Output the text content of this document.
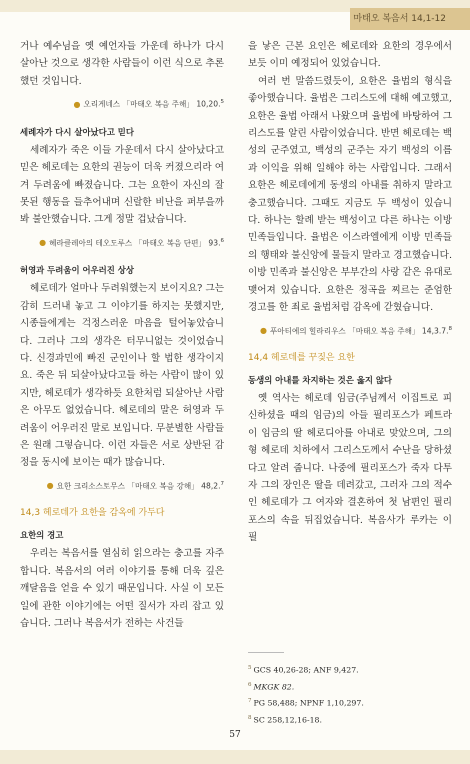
마태오 복음서 14,1-12

거나 예수님을 옛 예언자들 가운데 하나가 다시 살아난 것으로 생각한 사람들이 이런 식으로 추론했던 것입니다.

● 오리게네스 「마태오 복음 주해」 10,20.$^5$
세례자가 다시 살아났다고 믿다

세례자가 죽은 이들 가운데서 다시 살아났다고 믿은 헤로데는 요한의 권능이 더욱 커졌으리라 여겨 두려움에 빠졌습니다. 그는 요한이 자신의 잘못된 행동을 들추어내며 신랄한 비난을 퍼부을까 봐 불안했습니다. 그게 정말 겁났습니다.

● 헤라클레아의 테오도루스 「마태오 복음 단편」 93.$^6$
허영과 두려움이 어우러진 상상

헤로데가 얼마나 두려워했는지 보이지요? 그는 감히 드러내 놓고 그 이야기를 하지는 못했지만, 시종들에게는 걱정스러운 마음을 털어놓았습니다. 그러나 그의 생각은 터무니없는 것이었습니다. 신경과민에 빠진 군인이나 할 법한 생각이지요. 죽은 뒤 되살아났다고들 하는 사람이 많이 있지만, 헤로데가 생각하듯 요한처럼 되살아난 사람은 아무도 없었습니다. 헤로데의 말은 허영과 두려움이 어우러진 말로 보입니다. 무분별한 사람들은 원래 그렇습니다. 이런 자들은 서로 상반된 감정을 동시에 보이는 때가 많습니다.

● 요한 크리소스토무스 「마태오 복음 강해」 48,2.$^7$
14,3 헤로데가 요한을 감옥에 가두다
요한의 경고

우리는 복음서를 열심히 읽으라는 충고를 자주 합니다. 복음서의 여러 이야기를 통해 더욱 깊은 깨달음을 얻을 수 있기 때문입니다. 사실 이 모든 일에 관한 이야기에는 어떤 질서가 자리 잡고 있습니다. 그러나 복음서가 전하는 사건들

을 낳은 근본 요인은 헤로데와 요한의 경우에서 보듯 이미 예정되어 있었습니다.

여러 번 말씀드렸듯이, 요한은 율법의 형식을 좋아했습니다. 율법은 그리스도에 대해 예고했고, 요한은 율법 아래서 나왔으며 율법에 바탕하여 그리스도를 알린 사람이었습니다. 반면 헤로데는 백성의 군주였고, 백성의 군주는 자기 백성의 이름과 이익을 위해 일해야 하는 사람입니다. 그래서 요한은 헤로데에게 동생의 아내를 취하지 말라고 충고했습니다. 그때도 지금도 두 백성이 있습니다. 하나는 할례 받는 백성이고 다른 하나는 이방 민족들입니다. 율법은 이스라엘에게 이방 민족들의 행태와 불신앙에 물들지 말라고 경고했습니다. 이방 민족과 불신앙은 부부간의 사랑 같은 유대로 맺어져 있습니다. 요한은 정곡을 찌르는 준엄한 경고를 한 죄로 율법처럼 감옥에 갇혔습니다.

● 푸아티에의 힐라리우스 「마태오 복음 주해」 14,3.7.$^8$
14,4 헤로데를 꾸짖은 요한
동생의 아내를 차지하는 것은 옳지 않다

옛 역사는 헤로데 임금(주님께서 이집트로 피신하셨을 때의 임금)의 아들 필리포스가 페트라이 임금의 딸 헤로디아를 아내로 맞았으며, 그의 형 헤로데 치하에서 그리스도께서 수난을 당하셨다고 알려 줍니다. 나중에 필리포스가 죽자 다투자 그의 장인은 딸을 데려갔고, 그러자 그의 적수인 헤로데가 그 여자와 결혼하여 첫 남편인 필리포스의 속을 뒤집었습니다. 복음사가 루카는 이 필

$^5$ GCS 40,26-28; ANF 9,427.
$^6$ MKGK 82.
$^7$ PG 58,488; NPNF 1,10,297.
$^8$ SC 258,12,16-18.
57
